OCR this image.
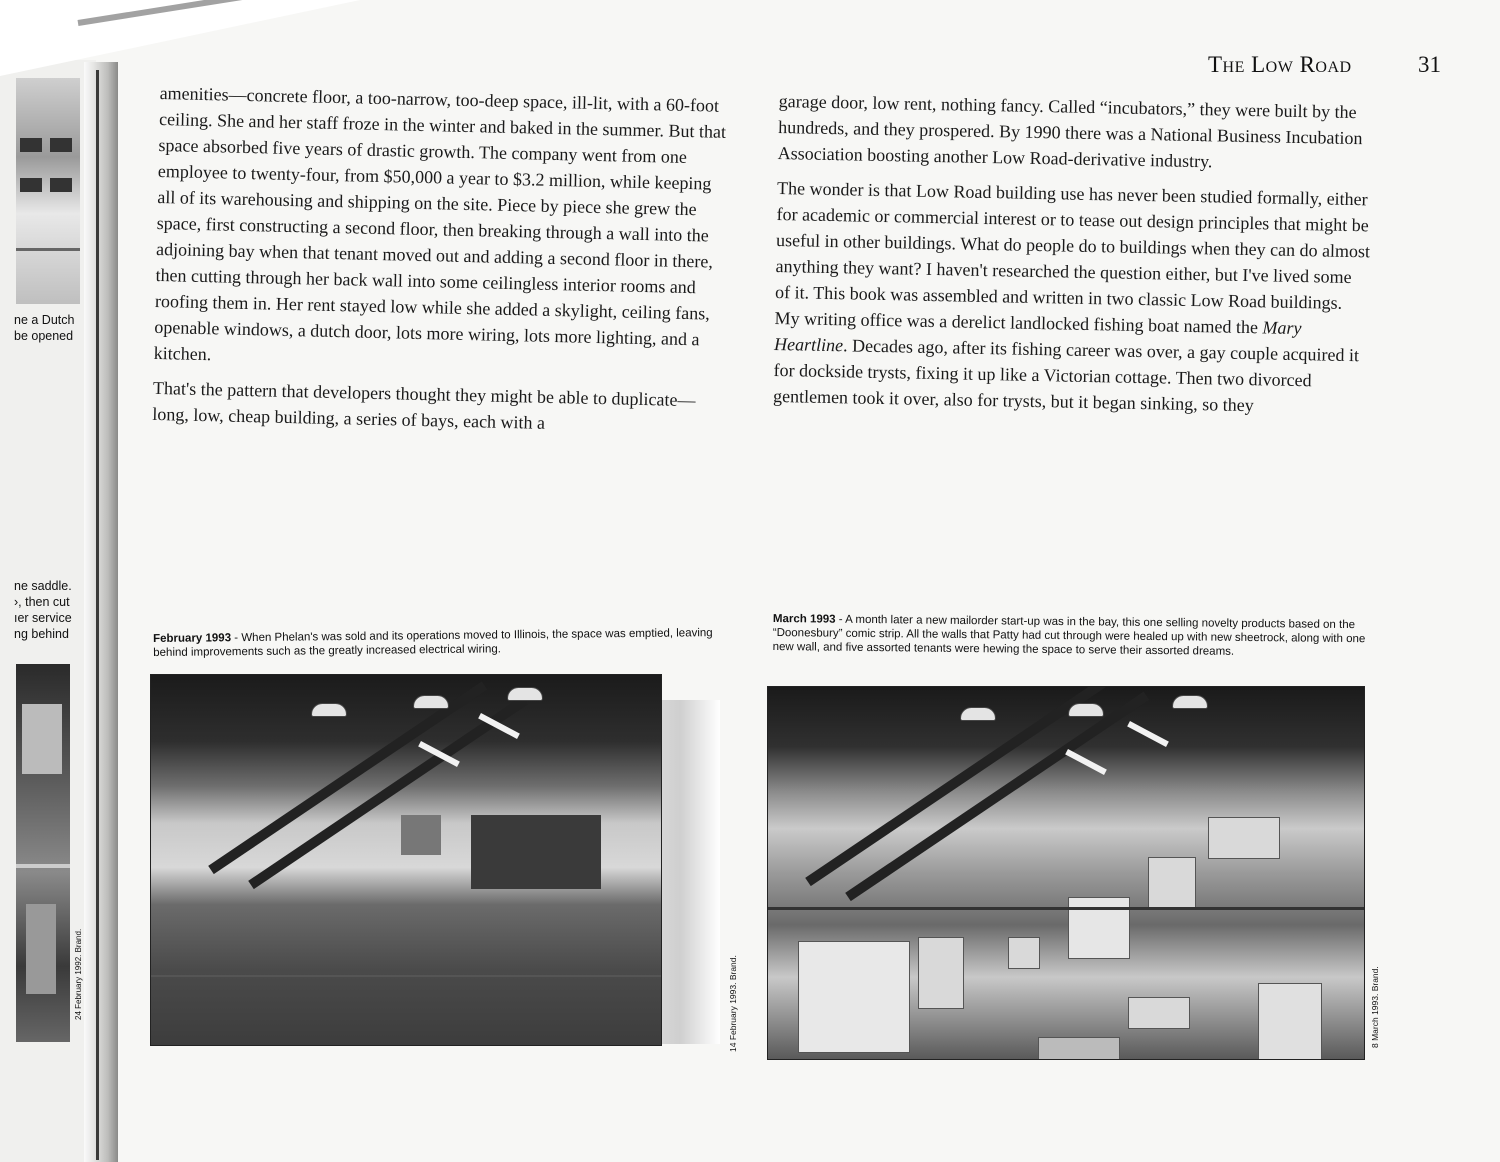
ne a Dutch
be opened
ne saddle.
›, then cut
ıer service
ng behind
24 February 1992. Brand.
The Low Road	31

amenities—concrete floor, a too-narrow, too-deep space, ill-lit, with a 60-foot ceiling. She and her staff froze in the winter and baked in the summer. But that space absorbed five years of drastic growth. The company went from one employee to twenty-four, from $50,000 a year to $3.2 million, while keeping all of its warehousing and shipping on the site. Piece by piece she grew the space, first constructing a second floor, then breaking through a wall into the adjoining bay when that tenant moved out and adding a second floor in there, then cutting through her back wall into some ceilingless interior rooms and roofing them in. Her rent stayed low while she added a skylight, ceiling fans, openable windows, a dutch door, lots more wiring, lots more lighting, and a kitchen.

That's the pattern that developers thought they might be able to duplicate—long, low, cheap building, a series of bays, each with a

garage door, low rent, nothing fancy. Called “incubators,” they were built by the hundreds, and they prospered. By 1990 there was a National Business Incubation Association boosting another Low Road-derivative industry.

The wonder is that Low Road building use has never been studied formally, either for academic or commercial interest or to tease out design principles that might be useful in other buildings. What do people do to buildings when they can do almost anything they want? I haven't researched the question either, but I've lived some of it. This book was assembled and written in two classic Low Road buildings. My writing office was a derelict landlocked fishing boat named the Mary Heartline. Decades ago, after its fishing career was over, a gay couple acquired it for dockside trysts, fixing it up like a Victorian cottage. Then two divorced gentlemen took it over, also for trysts, but it began sinking, so they

February 1993 - When Phelan's was sold and its operations moved to Illinois, the space was emptied, leaving behind improvements such as the greatly increased electrical wiring.
March 1993 - A month later a new mailorder start-up was in the bay, this one selling novelty products based on the “Doonesbury” comic strip. All the walls that Patty had cut through were healed up with new sheetrock, along with one new wall, and five assorted tenants were hewing the space to serve their assorted dreams.
14 February 1993. Brand.	8 March 1993. Brand.
